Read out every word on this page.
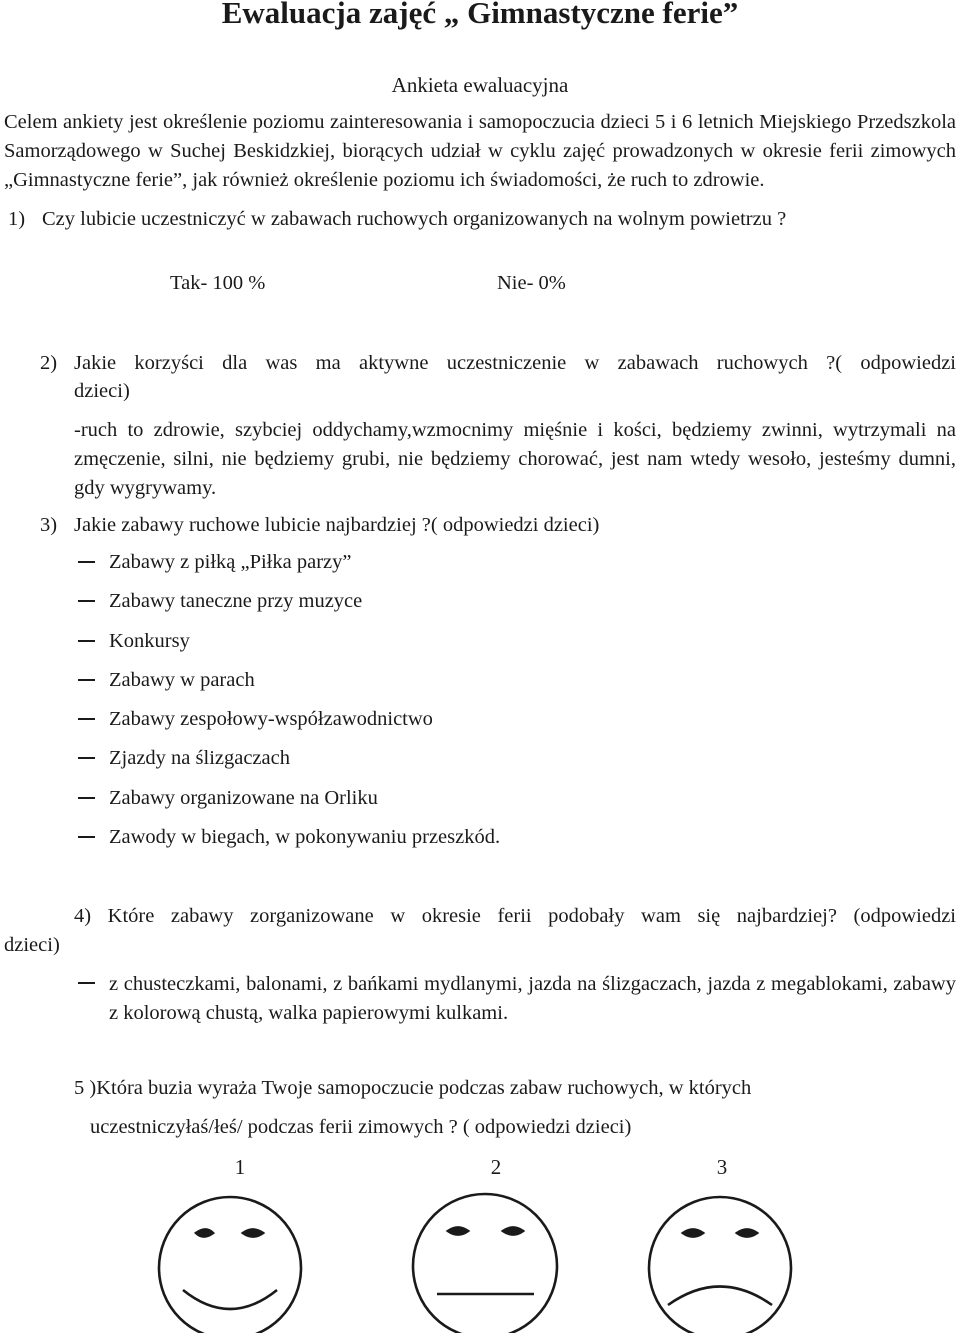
Ewaluacja zajęć „ Gimnastyczne ferie”
Ankieta ewaluacyjna
Celem ankiety jest określenie poziomu zainteresowania i samopoczucia dzieci 5 i 6 letnich Miejskiego Przedszkola Samorządowego w Suchej Beskidzkiej, biorących udział w cyklu zajęć prowadzonych w okresie ferii zimowych „Gimnastyczne ferie”, jak również określenie poziomu ich świadomości, że ruch to zdrowie.
1) Czy lubicie uczestniczyć w zabawach ruchowych organizowanych na wolnym powietrzu ?
Tak- 100 %	Nie- 0%
2) Jakie korzyści dla was ma aktywne uczestniczenie w zabawach ruchowych ?( odpowiedzi
dzieci)
-ruch to zdrowie, szybciej oddychamy,wzmocnimy mięśnie i kości, będziemy zwinni, wytrzymali na zmęczenie, silni, nie będziemy grubi, nie będziemy chorować, jest nam wtedy wesoło, jesteśmy dumni, gdy wygrywamy.
3) Jakie zabawy ruchowe lubicie najbardziej ?( odpowiedzi dzieci)
Zabawy z piłką „Piłka parzy”
Zabawy taneczne przy muzyce
Konkursy
Zabawy w parach
Zabawy zespołowy-współzawodnictwo
Zjazdy na ślizgaczach
Zabawy organizowane na Orliku
Zawody w biegach, w pokonywaniu przeszkód.
4) Które zabawy zorganizowane w okresie ferii podobały wam się najbardziej? (odpowiedzi
dzieci)
z chusteczkami, balonami, z bańkami mydlanymi, jazda na ślizgaczach, jazda z megablokami, zabawy z kolorową chustą, walka papierowymi kulkami.
5 )Która buzia wyraża Twoje samopoczucie podczas zabaw ruchowych, w których
uczestniczyłaś/łeś/ podczas ferii zimowych ? ( odpowiedzi dzieci)
1	2	3
